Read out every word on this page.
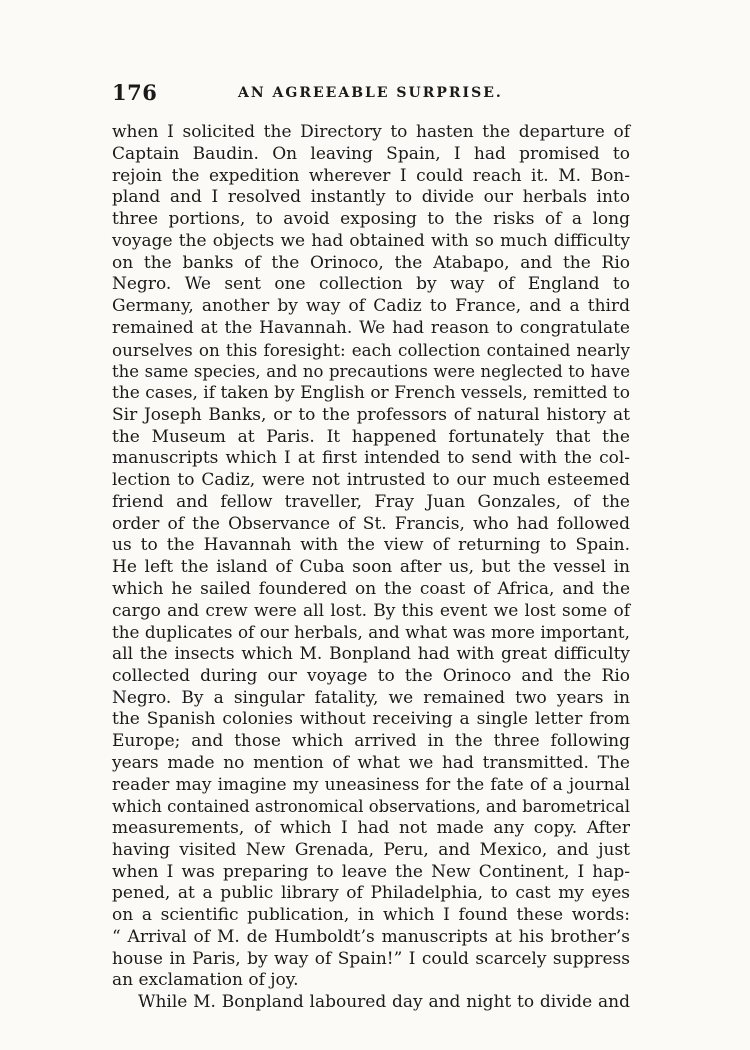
176	AN AGREEABLE SURPRISE.
when I solicited the Directory to hasten the departure of
Captain Baudin. On leaving Spain, I had promised to
rejoin the expedition wherever I could reach it. M. Bon-
pland and I resolved instantly to divide our herbals into
three portions, to avoid exposing to the risks of a long
voyage the objects we had obtained with so much difficulty
on the banks of the Orinoco, the Atabapo, and the Rio
Negro. We sent one collection by way of England to
Germany, another by way of Cadiz to France, and a third
remained at the Havannah. We had reason to congratulate
ourselves on this foresight: each collection contained nearly
the same species, and no precautions were neglected to have
the cases, if taken by English or French vessels, remitted to
Sir Joseph Banks, or to the professors of natural history at
the Museum at Paris. It happened fortunately that the
manuscripts which I at first intended to send with the col-
lection to Cadiz, were not intrusted to our much esteemed
friend and fellow traveller, Fray Juan Gonzales, of the
order of the Observance of St. Francis, who had followed
us to the Havannah with the view of returning to Spain.
He left the island of Cuba soon after us, but the vessel in
which he sailed foundered on the coast of Africa, and the
cargo and crew were all lost. By this event we lost some of
the duplicates of our herbals, and what was more important,
all the insects which M. Bonpland had with great difficulty
collected during our voyage to the Orinoco and the Rio
Negro. By a singular fatality, we remained two years in
the Spanish colonies without receiving a single letter from
Europe; and those which arrived in the three following
years made no mention of what we had transmitted. The
reader may imagine my uneasiness for the fate of a journal
which contained astronomical observations, and barometrical
measurements, of which I had not made any copy. After
having visited New Grenada, Peru, and Mexico, and just
when I was preparing to leave the New Continent, I hap-
pened, at a public library of Philadelphia, to cast my eyes
on a scientific publication, in which I found these words:
“ Arrival of M. de Humboldt’s manuscripts at his brother’s
house in Paris, by way of Spain!” I could scarcely suppress
an exclamation of joy.
While M. Bonpland laboured day and night to divide and
